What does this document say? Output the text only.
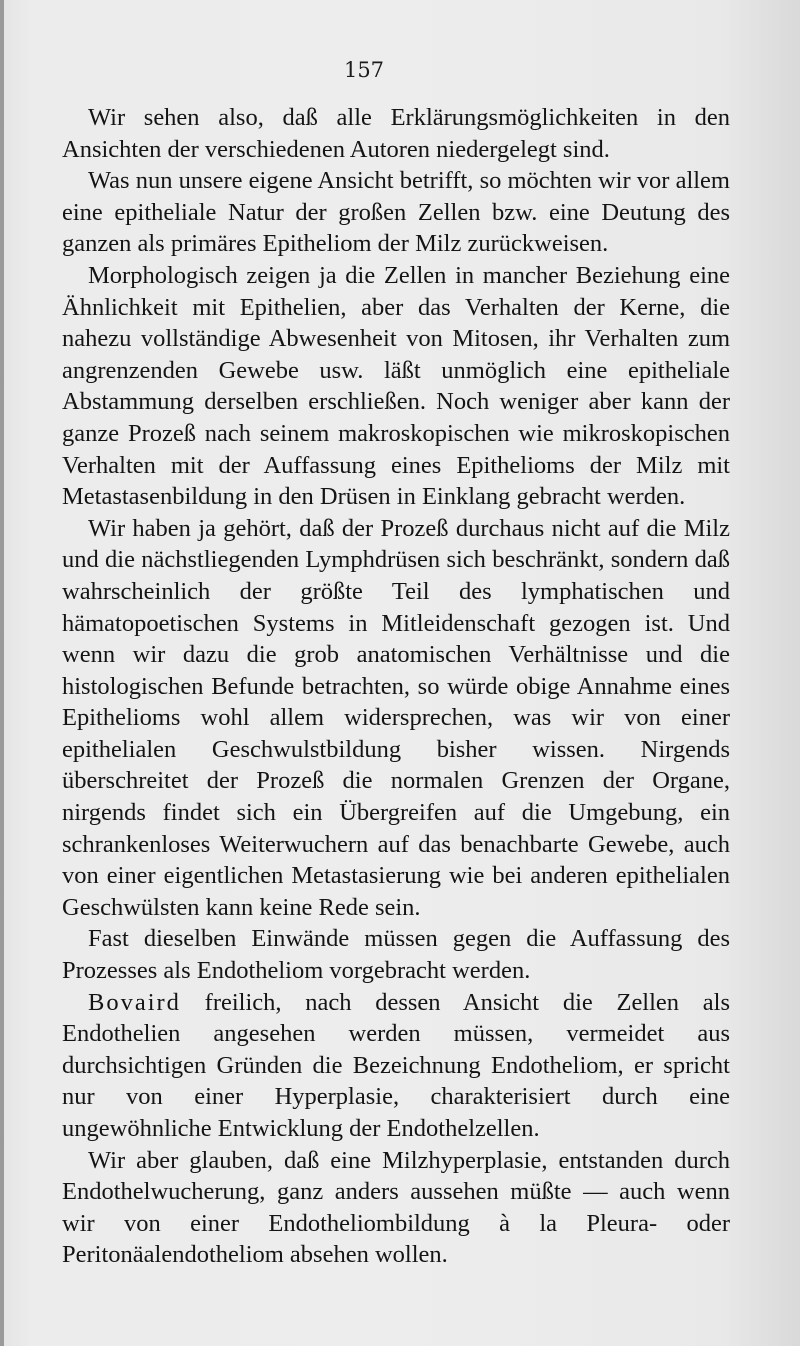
157

Wir sehen also, daß alle Erklärungsmöglichkeiten in den Ansichten der verschiedenen Autoren niedergelegt sind.

Was nun unsere eigene Ansicht betrifft, so möchten wir vor allem eine epitheliale Natur der großen Zellen bzw. eine Deutung des ganzen als primäres Epitheliom der Milz zurückweisen.

Morphologisch zeigen ja die Zellen in mancher Beziehung eine Ähnlichkeit mit Epithelien, aber das Verhalten der Kerne, die nahezu vollständige Abwesenheit von Mitosen, ihr Verhalten zum angrenzenden Gewebe usw. läßt unmöglich eine epitheliale Abstammung derselben erschließen. Noch weniger aber kann der ganze Prozeß nach seinem makroskopischen wie mikroskopischen Verhalten mit der Auffassung eines Epithelioms der Milz mit Metastasenbildung in den Drüsen in Einklang gebracht werden.

Wir haben ja gehört, daß der Prozeß durchaus nicht auf die Milz und die nächstliegenden Lymphdrüsen sich beschränkt, sondern daß wahrscheinlich der größte Teil des lymphatischen und hämatopoetischen Systems in Mitleidenschaft gezogen ist. Und wenn wir dazu die grob anatomischen Verhältnisse und die histologischen Befunde betrachten, so würde obige Annahme eines Epithelioms wohl allem widersprechen, was wir von einer epithelialen Geschwulstbildung bisher wissen. Nirgends überschreitet der Prozeß die normalen Grenzen der Organe, nirgends findet sich ein Übergreifen auf die Umgebung, ein schrankenloses Weiterwuchern auf das benachbarte Gewebe, auch von einer eigentlichen Metastasierung wie bei anderen epithelialen Geschwülsten kann keine Rede sein.

Fast dieselben Einwände müssen gegen die Auffassung des Prozesses als Endotheliom vorgebracht werden.

Bovaird freilich, nach dessen Ansicht die Zellen als Endothelien angesehen werden müssen, vermeidet aus durchsichtigen Gründen die Bezeichnung Endotheliom, er spricht nur von einer Hyperplasie, charakterisiert durch eine ungewöhnliche Entwicklung der Endothelzellen.

Wir aber glauben, daß eine Milzhyperplasie, entstanden durch Endothelwucherung, ganz anders aussehen müßte — auch wenn wir von einer Endotheliombildung à la Pleura- oder Peritonäalendotheliom absehen wollen.
